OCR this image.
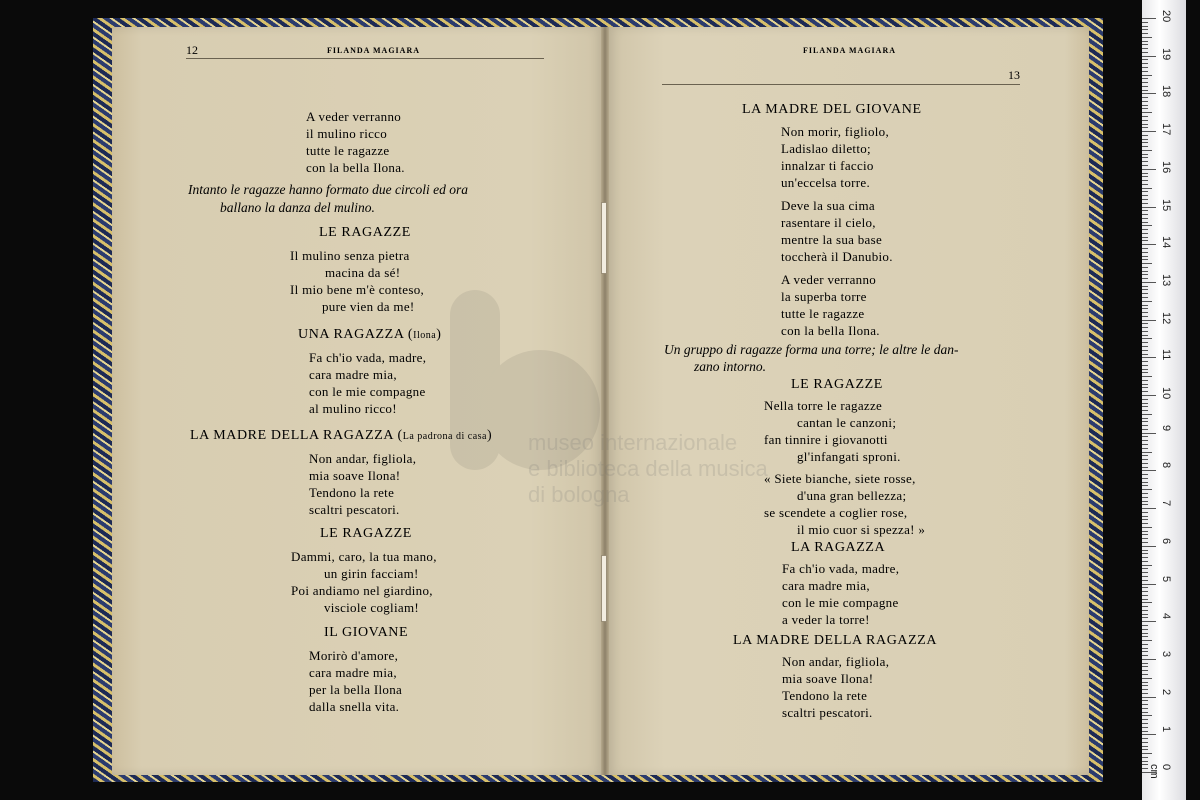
12	FILANDA MAGIARA
A veder verranno
il mulino ricco
tutte le ragazze
con la bella Ilona.
Intanto le ragazze hanno formato due circoli ed ora
ballano la danza del mulino.
LE RAGAZZE
Il mulino senza pietra
macina da sé!
Il mio bene m'è conteso,
pure vien da me!
UNA RAGAZZA (Ilona)
Fa ch'io vada, madre,
cara madre mia,
con le mie compagne
al mulino ricco!
LA MADRE DELLA RAGAZZA (La padrona di casa)
Non andar, figliola,
mia soave Ilona!
Tendono la rete
scaltri pescatori.
LE RAGAZZE
Dammi, caro, la tua mano,
un girin facciam!
Poi andiamo nel giardino,
visciole cogliam!
IL GIOVANE
Morirò d'amore,
cara madre mia,
per la bella Ilona
dalla snella vita.
FILANDA MAGIARA
13
LA MADRE DEL GIOVANE
Non morir, figliolo,
Ladislao diletto;
innalzar ti faccio
un'eccelsa torre.
Deve la sua cima
rasentare il cielo,
mentre la sua base
toccherà il Danubio.
A veder verranno
la superba torre
tutte le ragazze
con la bella Ilona.
Un gruppo di ragazze forma una torre; le altre le dan-
zano intorno.
LE RAGAZZE
Nella torre le ragazze
cantan le canzoni;
fan tinnire i giovanotti
gl'infangati sproni.
« Siete bianche, siete rosse,
d'una gran bellezza;
se scendete a coglier rose,
il mio cuor si spezza! »
LA RAGAZZA
Fa ch'io vada, madre,
cara madre mia,
con le mie compagne
a veder la torre!
LA MADRE DELLA RAGAZZA
Non andar, figliola,
mia soave Ilona!
Tendono la rete
scaltri pescatori.
museo internazionale
e biblioteca della musica
di bologna
0 cm
1
2
3
4
5
6
7
8
9
10
11
12
13
14
15
16
17
18
19
20
